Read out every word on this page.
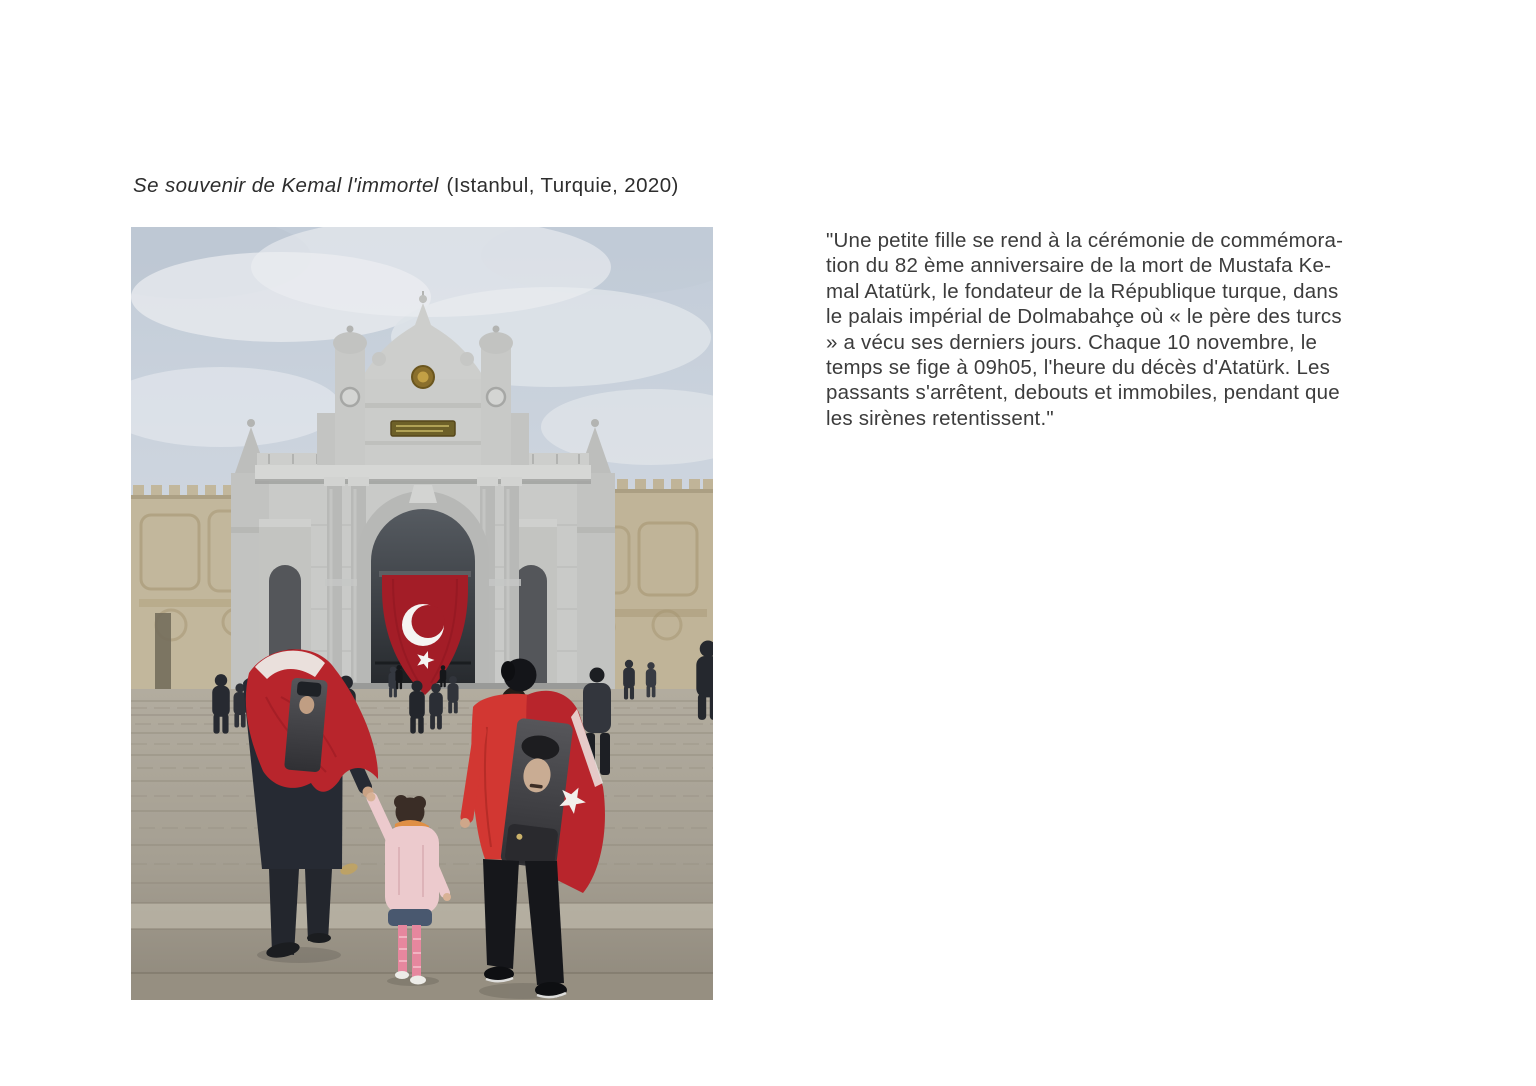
Se souvenir de Kemal l'immortel (Istanbul, Turquie, 2020)
"Une petite fille se rend à la cérémonie de commémora-
tion du 82 ème anniversaire de la mort de Mustafa Ke-
mal Atatürk, le fondateur de la République turque, dans
le palais impérial de Dolmabahçe où « le père des turcs
» a vécu ses derniers jours. Chaque 10 novembre, le
temps se fige à 09h05, l'heure du décès d'Atatürk. Les
passants s'arrêtent, debouts et immobiles, pendant que
les sirènes retentissent."
